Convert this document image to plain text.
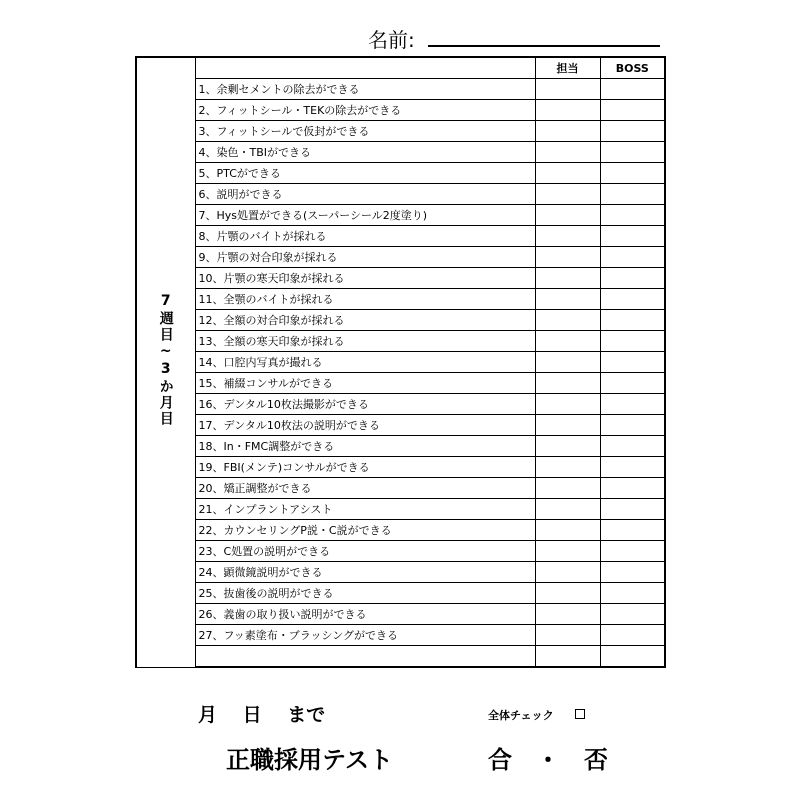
名前:
7週目~3か月目		担当	BOSS
	1、余剰セメントの除去ができる		
	2、フィットシール・TEKの除去ができる		
	3、フィットシールで仮封ができる		
	4、染色・TBIができる		
	5、PTCができる		
	6、説明ができる		
	7、Hys処置ができる(スーパーシール2度塗り)		
	8、片顎のバイトが採れる		
	9、片顎の対合印象が採れる		
	10、片顎の寒天印象が採れる		
	11、全顎のバイトが採れる		
	12、全額の対合印象が採れる		
	13、全額の寒天印象が採れる		
	14、口腔内写真が撮れる		
	15、補綴コンサルができる		
	16、デンタル10枚法撮影ができる		
	17、デンタル10枚法の説明ができる		
	18、In・FMC調整ができる		
	19、FBI(メンテ)コンサルができる		
	20、矯正調整ができる		
	21、インプラントアシスト		
	22、カウンセリングP説・C説ができる		
	23、C処置の説明ができる		
	24、顕微鏡説明ができる		
	25、抜歯後の説明ができる		
	26、義歯の取り扱い説明ができる		
	27、フッ素塗布・ブラッシングができる		

月　 日　 まで	全体チェック
正職採用テスト	合　・　否
